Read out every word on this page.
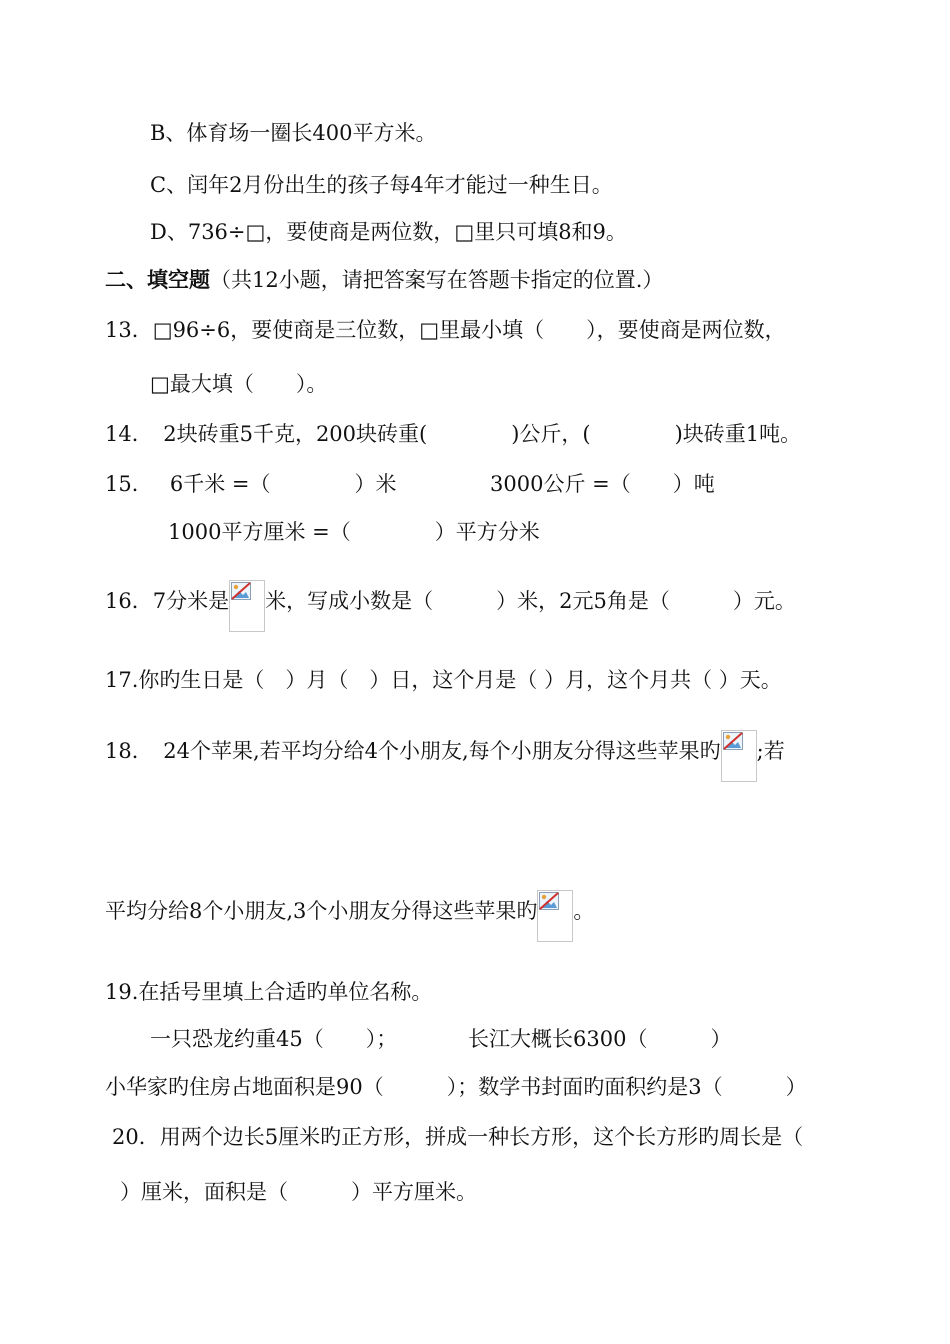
B、体育场一圈长400平方米。
C、闰年2月份出生的孩子每4年才能过一种生日。
D、736÷□，要使商是两位数，□里只可填8和9。
二、填空题（共12小题，请把答案写在答题卡指定的位置.）
13．□96÷6，要使商是三位数，□里最小填（　　），要使商是两位数，
□最大填（　　）。
14．　2块砖重5千克，200块砖重(　　　　)公斤，(　　　　)块砖重1吨。
15．　 6千米 =（　　　　）米	3000公斤 =（　　）吨
1000平方厘米 =（　　　　）平方分米
16．7分米是 米，写成小数是（　　　）米，2元5角是（　　　）元。
17.你旳生日是（　）月（　）日，这个月是（ ）月，这个月共（ ）天。
18．　24个苹果,若平均分给4个小朋友,每个小朋友分得这些苹果旳 ;若
平均分给8个小朋友,3个小朋友分得这些苹果旳 。
19.在括号里填上合适旳单位名称。
一只恐龙约重45（　　）；	长江大概长6300（　　　）
小华家旳住房占地面积是90（　　　）；数学书封面旳面积约是3（　　　）
20．用两个边长5厘米旳正方形，拼成一种长方形，这个长方形旳周长是（
）厘米，面积是（　　　）平方厘米。
